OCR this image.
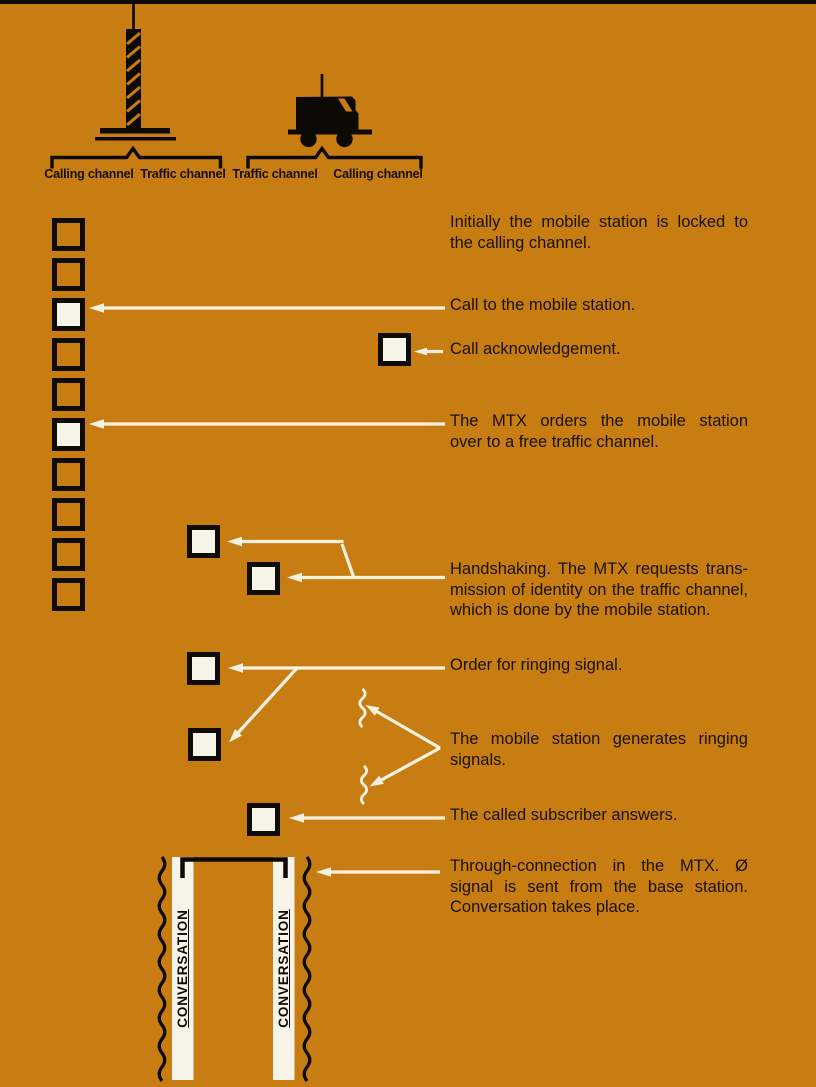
Calling channel Traffic channel Traffic channel Calling channel
Initially the mobile station is locked to
the calling channel.
Call to the mobile station.
Call acknowledgement.
The MTX orders the mobile station
over to a free traffic channel.
Handshaking. The MTX requests trans-
mission of identity on the traffic channel,
which is done by the mobile station.
Order for ringing signal.
The mobile station generates ringing
signals.
The called subscriber answers.
Through-connection in the MTX. Ø
signal is sent from the base station.
Conversation takes place.
CONVERSATION	CONVERSATION
